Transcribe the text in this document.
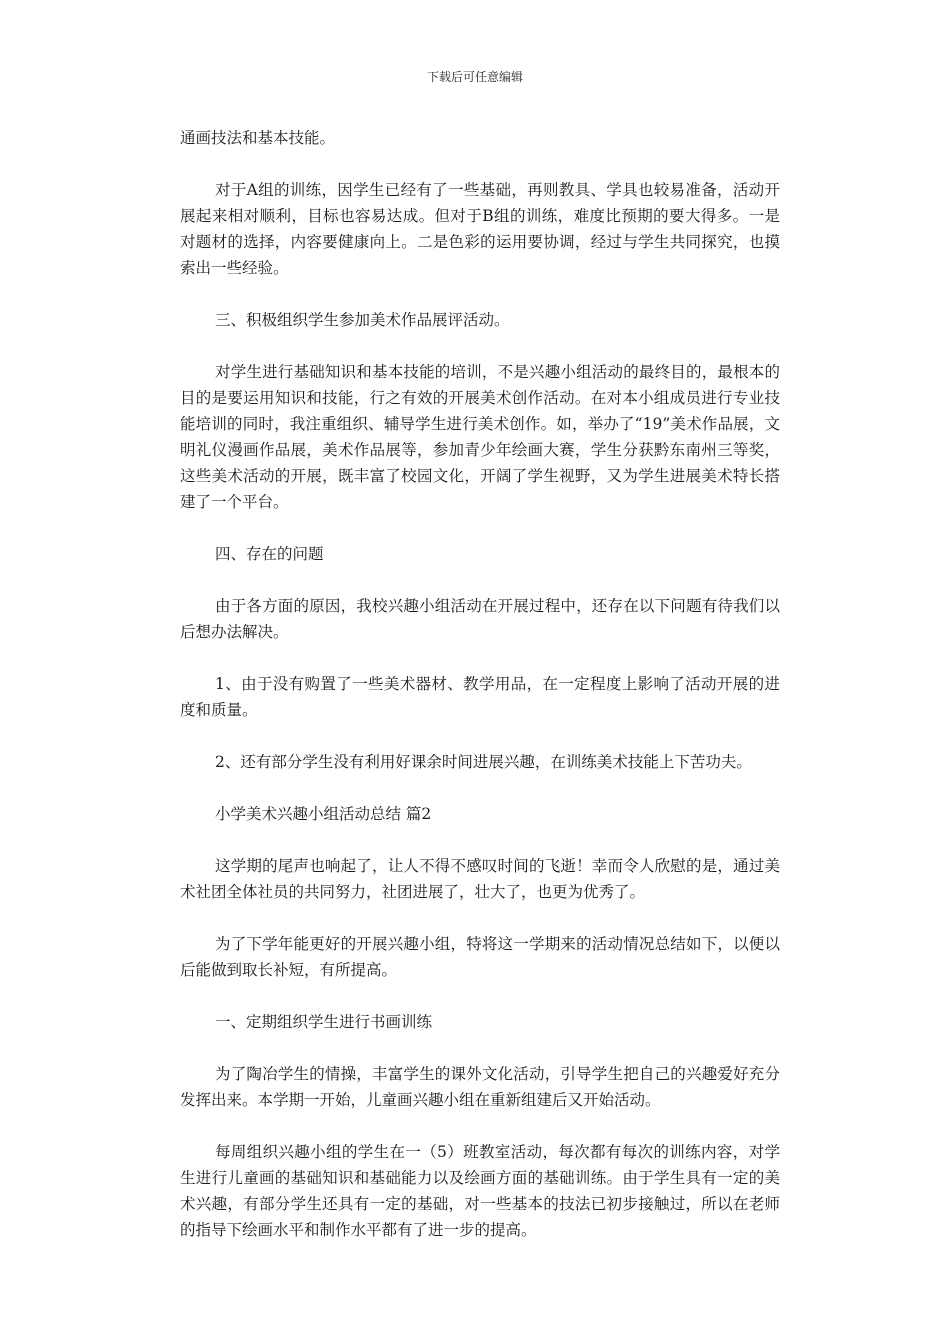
下载后可任意编辑

通画技法和基本技能。

对于A组的训练，因学生已经有了一些基础，再则教具、学具也较易准备，活动开展起来相对顺利，目标也容易达成。但对于B组的训练，难度比预期的要大得多。一是对题材的选择，内容要健康向上。二是色彩的运用要协调，经过与学生共同探究，也摸索出一些经验。

三、积极组织学生参加美术作品展评活动。

对学生进行基础知识和基本技能的培训，不是兴趣小组活动的最终目的，最根本的目的是要运用知识和技能，行之有效的开展美术创作活动。在对本小组成员进行专业技能培训的同时，我注重组织、辅导学生进行美术创作。如，举办了“19”美术作品展，文明礼仪漫画作品展，美术作品展等，参加青少年绘画大赛，学生分获黔东南州三等奖，这些美术活动的开展，既丰富了校园文化，开阔了学生视野，又为学生进展美术特长搭建了一个平台。

四、存在的问题

由于各方面的原因，我校兴趣小组活动在开展过程中，还存在以下问题有待我们以后想办法解决。

1、由于没有购置了一些美术器材、教学用品，在一定程度上影响了活动开展的进度和质量。

2、还有部分学生没有利用好课余时间进展兴趣，在训练美术技能上下苦功夫。

小学美术兴趣小组活动总结 篇2

这学期的尾声也响起了，让人不得不感叹时间的飞逝！幸而令人欣慰的是，通过美术社团全体社员的共同努力，社团进展了，壮大了，也更为优秀了。

为了下学年能更好的开展兴趣小组，特将这一学期来的活动情况总结如下，以便以后能做到取长补短，有所提高。

一、定期组织学生进行书画训练

为了陶冶学生的情操，丰富学生的课外文化活动，引导学生把自己的兴趣爱好充分发挥出来。本学期一开始，儿童画兴趣小组在重新组建后又开始活动。

每周组织兴趣小组的学生在一（5）班教室活动，每次都有每次的训练内容，对学生进行儿童画的基础知识和基础能力以及绘画方面的基础训练。由于学生具有一定的美术兴趣，有部分学生还具有一定的基础，对一些基本的技法已初步接触过，所以在老师的指导下绘画水平和制作水平都有了进一步的提高。
